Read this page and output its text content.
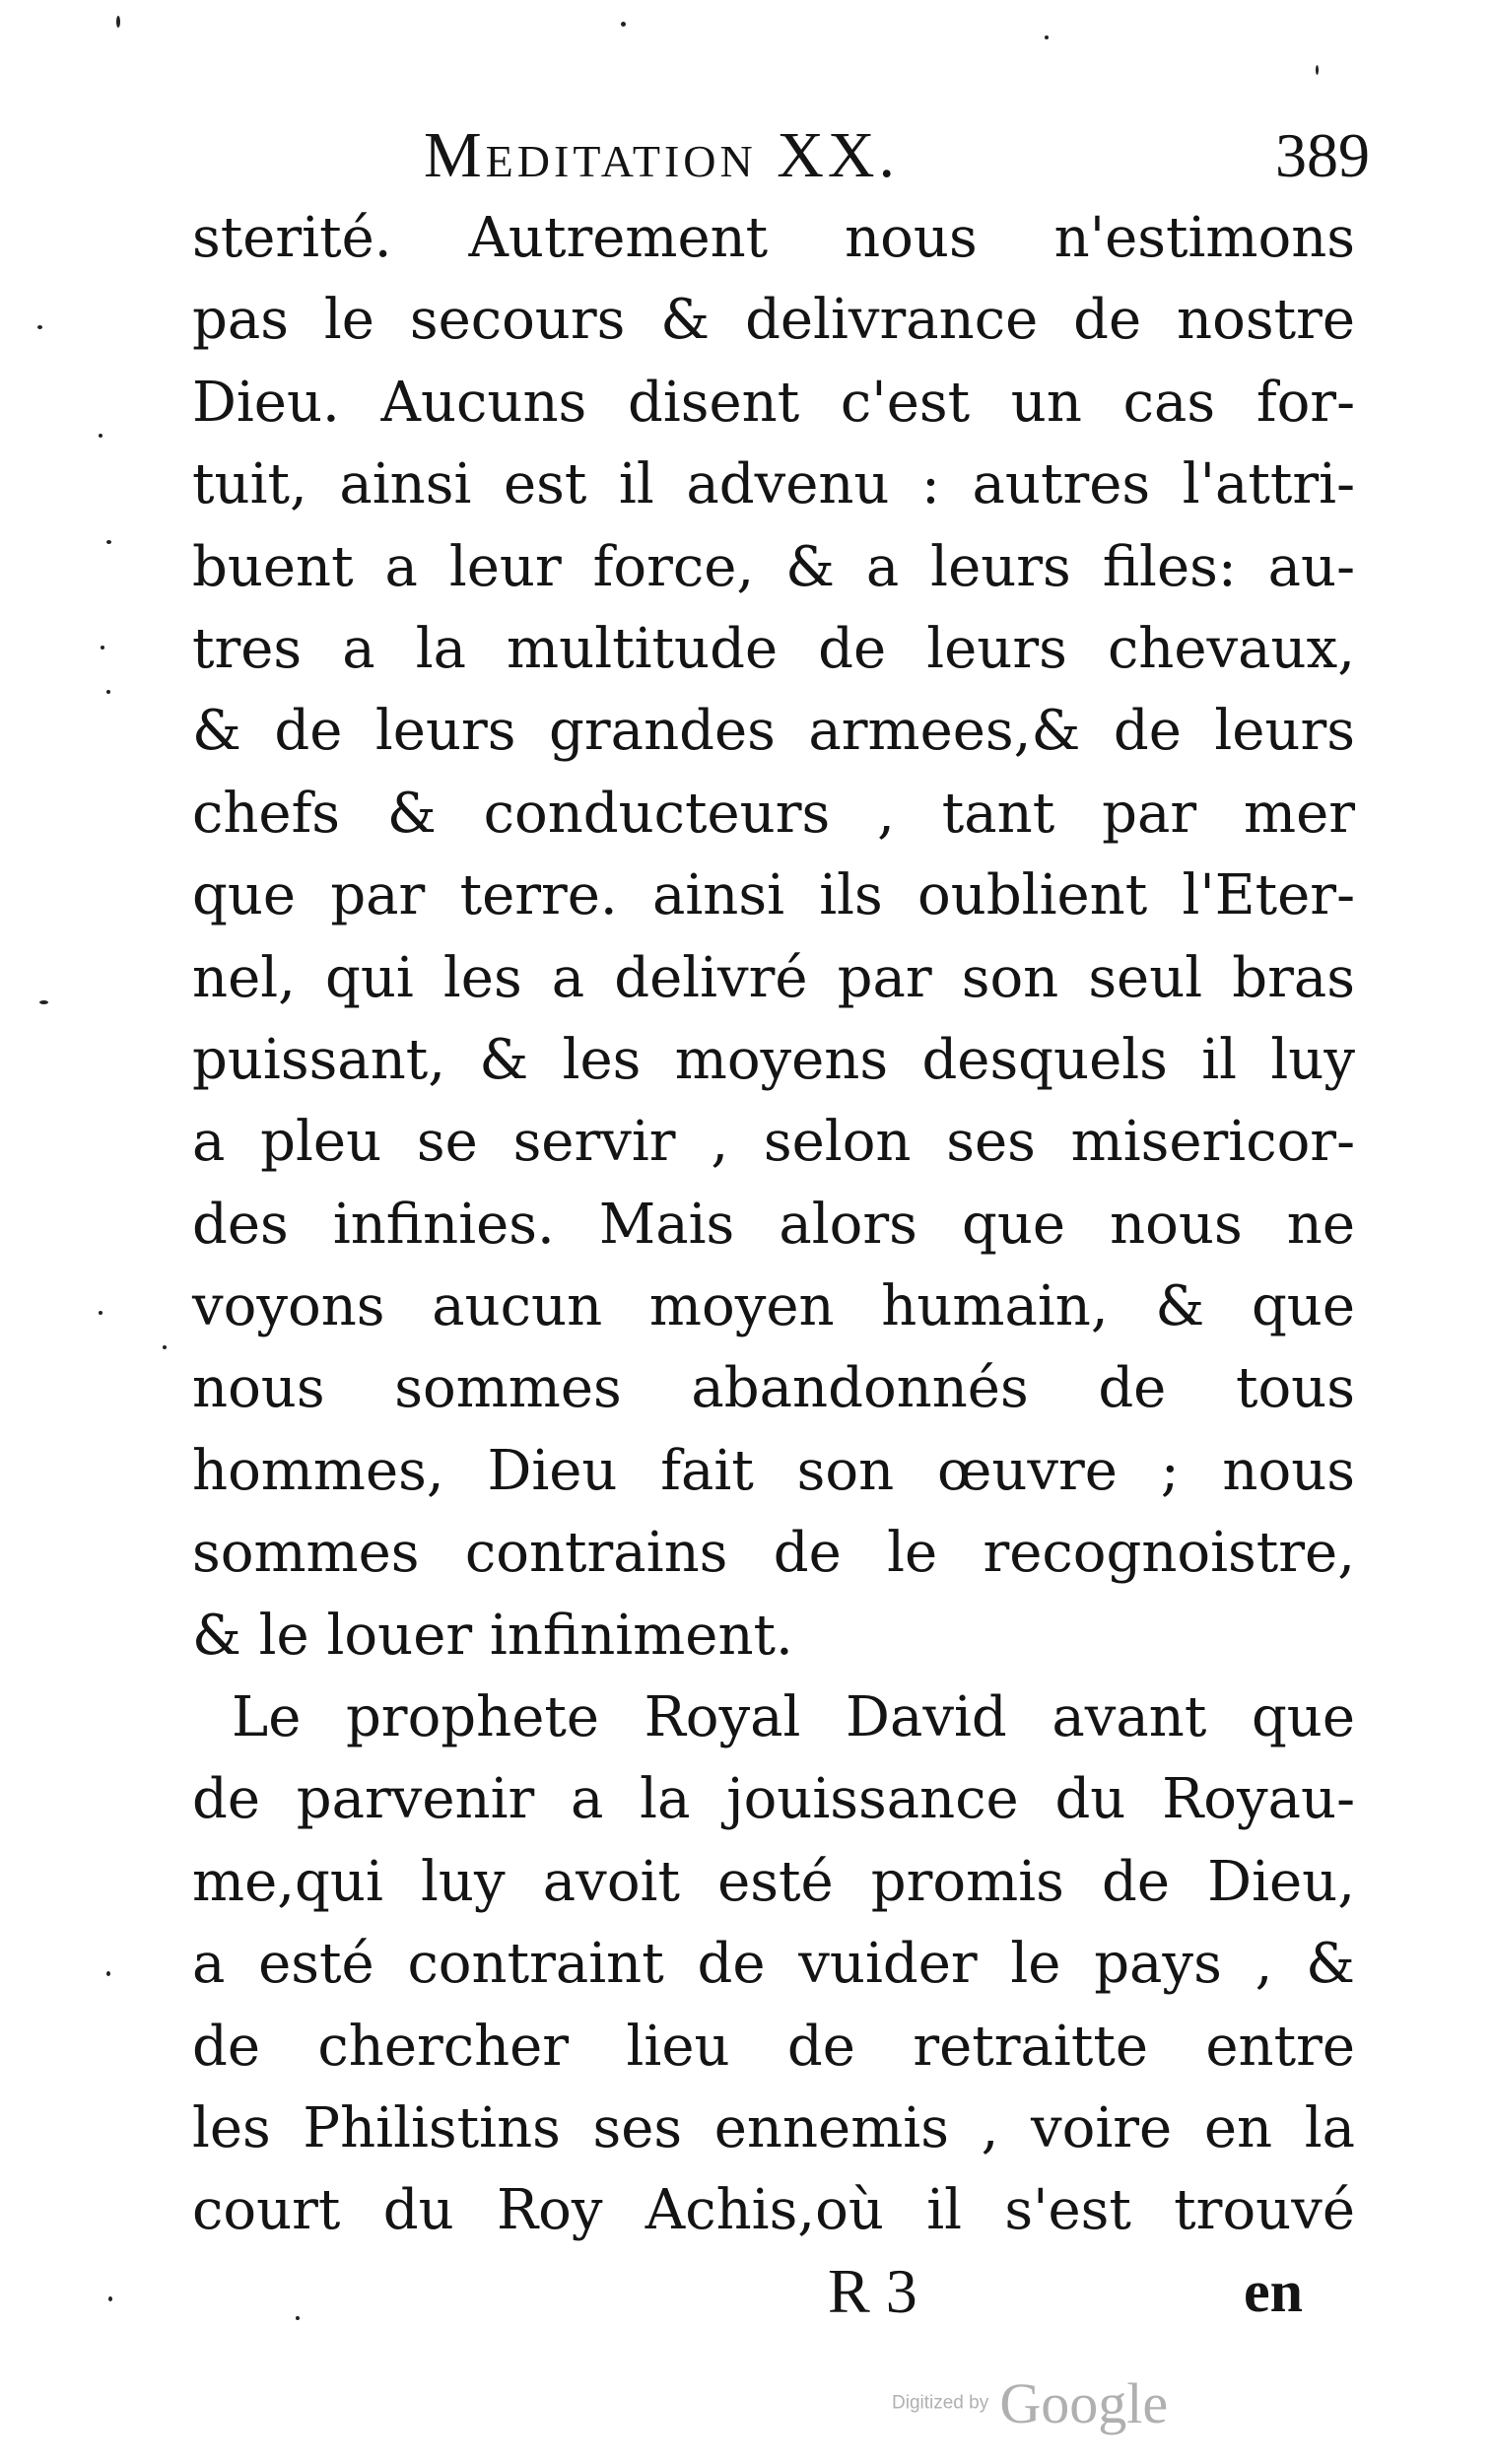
Meditation XX.	389
sterité. Autrement nous n'estimons
pas le secours & delivrance de nostre
Dieu. Aucuns disent c'est un cas for-
tuit, ainsi est il advenu : autres l'attri-
buent a leur force, & a leurs files: au-
tres a la multitude de leurs chevaux,
& de leurs grandes armees,& de leurs
chefs & conducteurs , tant par mer
que par terre. ainsi ils oublient l'Eter-
nel, qui les a delivré par son seul bras
puissant, & les moyens desquels il luy
a pleu se servir , selon ses misericor-
des infinies. Mais alors que nous ne
voyons aucun moyen humain, & que
nous sommes abandonnés de tous
hommes, Dieu fait son œuvre ; nous
sommes contrains de le recognoistre,
& le louer infiniment.
Le prophete Royal David avant que
de parvenir a la jouissance du Royau-
me,qui luy avoit esté promis de Dieu,
a esté contraint de vuider le pays , &
de chercher lieu de retraitte entre
les Philistins ses ennemis , voire en la
court du Roy Achis,où il s'est trouvé
R 3	en
Digitized by Google
